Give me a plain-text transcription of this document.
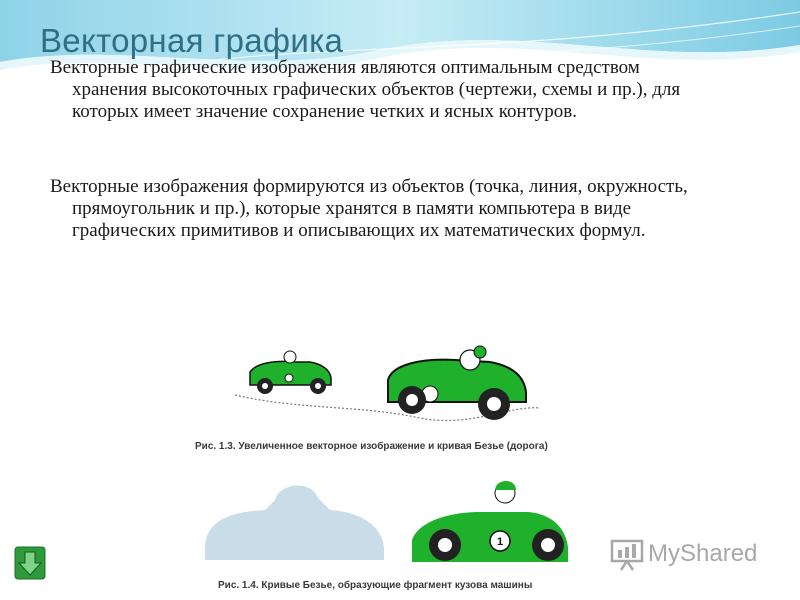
Векторная графика

Векторные графические изображения являются оптимальным средством хранения высокоточных графических объектов (чертежи, схемы и пр.), для которых имеет значение сохранение четких и ясных контуров.

Векторные изображения формируются из объектов (точка, линия, окружность, прямоугольник и пр.), которые хранятся в памяти компьютера в виде графических примитивов и описывающих их математических формул.

Рис. 1.3. Увеличенное векторное изображение и кривая Безье (дорога)
1
Рис. 1.4. Кривые Безье, образующие фрагмент кузова машины
MyShared
